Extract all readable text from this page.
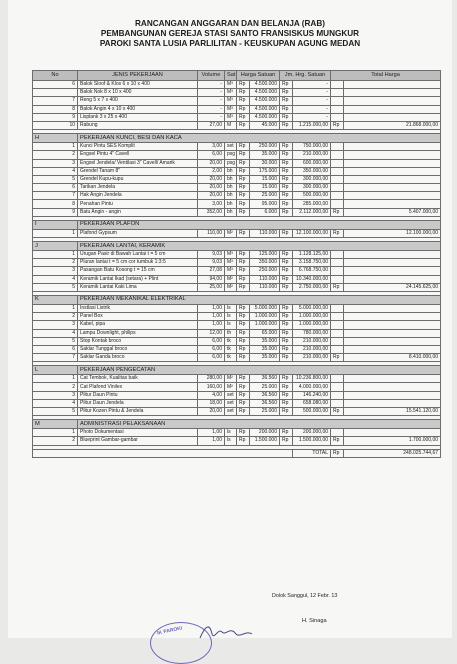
RANCANGAN ANGGARAN DAN BELANJA (RAB)
PEMBANGUNAN GEREJA STASI SANTO FRANSISKUS MUNGKUR
PAROKI SANTA LUSIA PARLILITAN - KEUSKUPAN AGUNG MEDAN
No	JENIS PEKERJAAN	Volume	Sat	Harga Satuan		Jm. Hrg. Satuan		Total Harga	
6	Balok Sloof & Klos 6 x 10 x 400	-	M³	Rp	4.500.000	Rp	-		
	Balok Nok 8 x 10 x 400	-	M³	Rp	4.500.000	Rp	-		
7	Reng 5 x 7 x 400	-	M³	Rp	4.500.000	Rp	-		
8	Balok Angin 4 x 10 x 400	-	M³	Rp	4.500.000	Rp	-		
9	Lisplank 3 x 25 x 400	-	M³	Rp	4.500.000	Rp	-		
10	Rabung	27,00	M	Rp	45.000	Rp	1.215.000,00	Rp	21.868.000,00

H	PEKERJAAN KUNCI, BESI DAN KACA								
1	Kunci Pintu SES Komplit	3,00	set	Rp	250.000	Rp	750.000,00		
2	Engsel Pintu 4" Cavell	6,00	psg	Rp	35.000	Rp	210.000,00		
3	Engsel Jendela/ Ventilasi 3" Cavell/ Amarik	20,00	psg	Rp	30.000	Rp	600.000,00		
4	Grendel Tanam 8"	2,00	bh	Rp	175.000	Rp	350.000,00		
5	Grendel Kupu-kupu	20,00	bh	Rp	15.000	Rp	300.000,00		
6	Tarikan Jendela	20,00	bh	Rp	15.000	Rp	300.000,00		
7	Hak Angin Jendela	20,00	bh	Rp	25.000	Rp	500.000,00		
8	Penahan Pintu	3,00	bh	Rp	95.000	Rp	285.000,00		
9	Batu Angin - angin	352,00	bh	Rp	6.000	Rp	2.112.000,00	Rp	5.407.000,00

I	PEKERJAAN PLAFON								
1	Plafond Gypsum	110,00	M²	Rp	110.000	Rp	12.100.000,00	Rp	12.100.000,00

J	PEKERJAAN LANTAI, KERAMIK								
1	Urugan Pasir di Bawah Lantai t = 5 cm	9,03	M³	Rp	125.000	Rp	1.128.125,00		
2	Pluran lantai t = 5 cm cor tumbuk 1:3:5	9,03	M³	Rp	350.000	Rp	3.158.750,00		
3	Pasangan Batu Kosong t = 15 cm	27,08	M³	Rp	250.000	Rp	6.768.750,00		
4	Keramik Lantai Ikad (setara) + Plint	94,00	M²	Rp	110.000	Rp	10.340.000,00		
5	Keramik Lantai Kaki Lima	25,00	M²	Rp	110.000	Rp	2.750.000,00	Rp	24.145.625,00

K	PEKERJAAN MEKANIKAL ELEKTRIKAL								
1	Instlasi Listrik	1,00	ls	Rp	5.000.000	Rp	5.000.000,00		
2	Panel Box	1,00	ls	Rp	1.000.000	Rp	1.000.000,00		
3	Kabel, pipa	1,00	ls	Rp	1.000.000	Rp	1.000.000,00		
4	Lampu Downlight, philips	12,00	th	Rp	65.000	Rp	780.000,00		
5	Stop Kontak broco	6,00	tk	Rp	35.000	Rp	210.000,00		
6	Saklar Tunggal broco	6,00	tk	Rp	35.000	Rp	210.000,00		
7	Saklar Ganda broco	6,00	tk	Rp	35.000	Rp	210.000,00	Rp	8.410.000,00

L	PEKERJAAN PENGECATAN								
1	Cat Tembok, Kualitas baik	280,00	M²	Rp	36.560	Rp	10.236.800,00		
2	Cat Plafond Vinilex	160,00	M²	Rp	25.000	Rp	4.000.000,00		
3	Plitur Daun Pintu	4,00	set	Rp	36.560	Rp	146.240,00		
4	Plitur Daun Jendela	18,00	set	Rp	36.560	Rp	658.080,00		
5	Plitur Kozen Pintu & Jendela	20,00	set	Rp	25.000	Rp	500.000,00	Rp	15.541.120,00

M	ADMINISTRASI PELAKSANAAN								
1	Photo Dokumentasi	1,00	ls	Rp	200.000	Rp	200.000,00		
2	Blueprint Gambar-gambar	1,00	ls	Rp	1.500.000	Rp	1.500.000,00	Rp	1.700.000,00

							TOTAL	Rp	248.025.744,67
Dolok Sanggul, 12 Febr. 13
IK PAROKI
H. Sinaga
